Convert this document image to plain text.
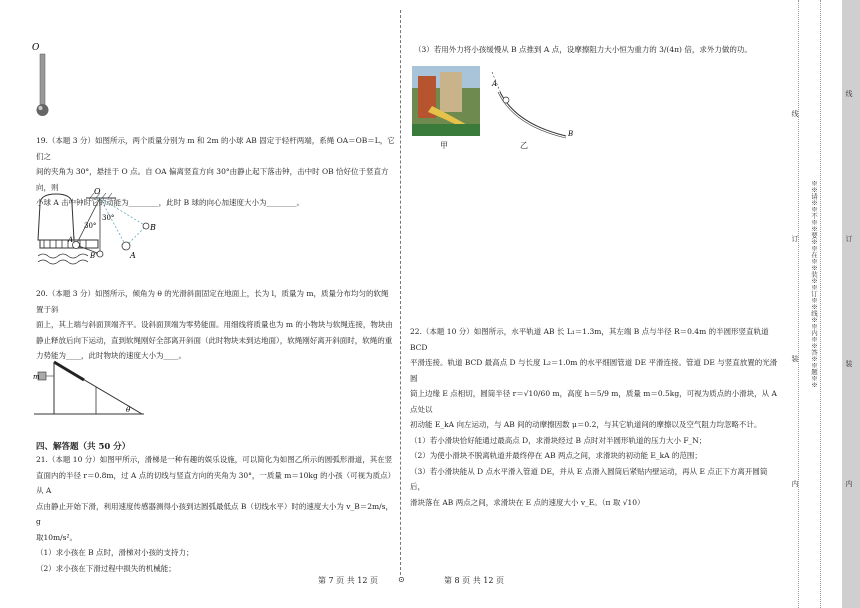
O
19.（本题 3 分）如图所示，两个质量分别为 m 和 2m 的小球 AB 固定于轻杆两端，系绳 OA＝OB＝L，它们之
间的夹角为 30°，悬挂于 O 点。自 OA 偏离竖直方向 30°由静止起下落击钟，击中时 OB 恰好位于竖直方向，则
小球 A 击中钟时它的动能为________，此时 B 球的向心加速度大小为________。
O
30°
30°	B
A
B'
A'
20.（本题 3 分）如图所示，倾角为 θ 的光滑斜面固定在地面上，长为 l，质量为 m，质量分布均匀的软绳置于斜
面上，其上端与斜面顶端齐平。设斜面顶端为零势能面。用细线将质量也为 m 的小物块与软绳连接，物块由
静止释放后向下运动，直到软绳刚好全部离开斜面（此时物块未到达地面），软绳刚好离开斜面时，软绳的重
力势能为____，此时物块的速度大小为____。
m
θ
四、解答题（共 50 分）
21.（本题 10 分）如图甲所示，滑梯是一种有趣的娱乐设施，可以简化为如图乙所示的圆弧形滑道，其在竖
直面内的半径 r＝0.8m，过 A 点的切线与竖直方向的夹角为 30°，一质量 m＝10kg 的小孩（可视为质点）从 A
点由静止开始下滑，利用速度传感器测得小孩到达圆弧最低点 B（切线水平）时的速度大小为 v_B＝2m/s，g
取10m/s²。
（1）求小孩在 B 点时，滑梯对小孩的支持力；
（2）求小孩在下滑过程中损失的机械能；
（3）若用外力将小孩缓慢从 B 点推到 A 点，设摩擦阻力大小恒为重力的 3/(4π) 倍，求外力做的功。
甲
A
B
乙
22.（本题 10 分）如图所示，水平轨道 AB 长 L₁＝1.3m，其左端 B 点与半径 R＝0.4m 的半圆形竖直轨道 BCD
平滑连接。轨道 BCD 最高点 D 与长度 L₂＝1.0m 的水平细圆管道 DE 平滑连接。管道 DE 与竖直放置的光滑圆
筒上边缘 E 点相切，圆筒半径 r＝√10/60 m，高度 h＝5/9 m，质量 m＝0.5kg，可视为质点的小滑块，从 A 点处以
初动能 E_kA 向左运动，与 AB 间的动摩擦因数 μ＝0.2，与其它轨道间的摩擦以及空气阻力均忽略不计。
（1）若小滑块恰好能通过最高点 D，求滑块经过 B 点时对半圆形轨道的压力大小 F_N；
（2）为使小滑块不脱离轨道并最终停在 AB 两点之间，求滑块的初动能 E_kA 的范围；
（3）若小滑块能从 D 点水平滑入管道 DE，并从 E 点滑入圆筒后紧贴内壁运动，再从 E 点正下方离开圆筒后，
滑块落在 AB 两点之间，求滑块在 E 点的速度大小 v_E。（π 取 √10）
第 7 页 共 12 页	⊙	第 8 页 共 12 页
线
订
装
内
※※请※※不※※要※※在※※装※※订※※线※※内※※答※※题※※
线
订
装
内
